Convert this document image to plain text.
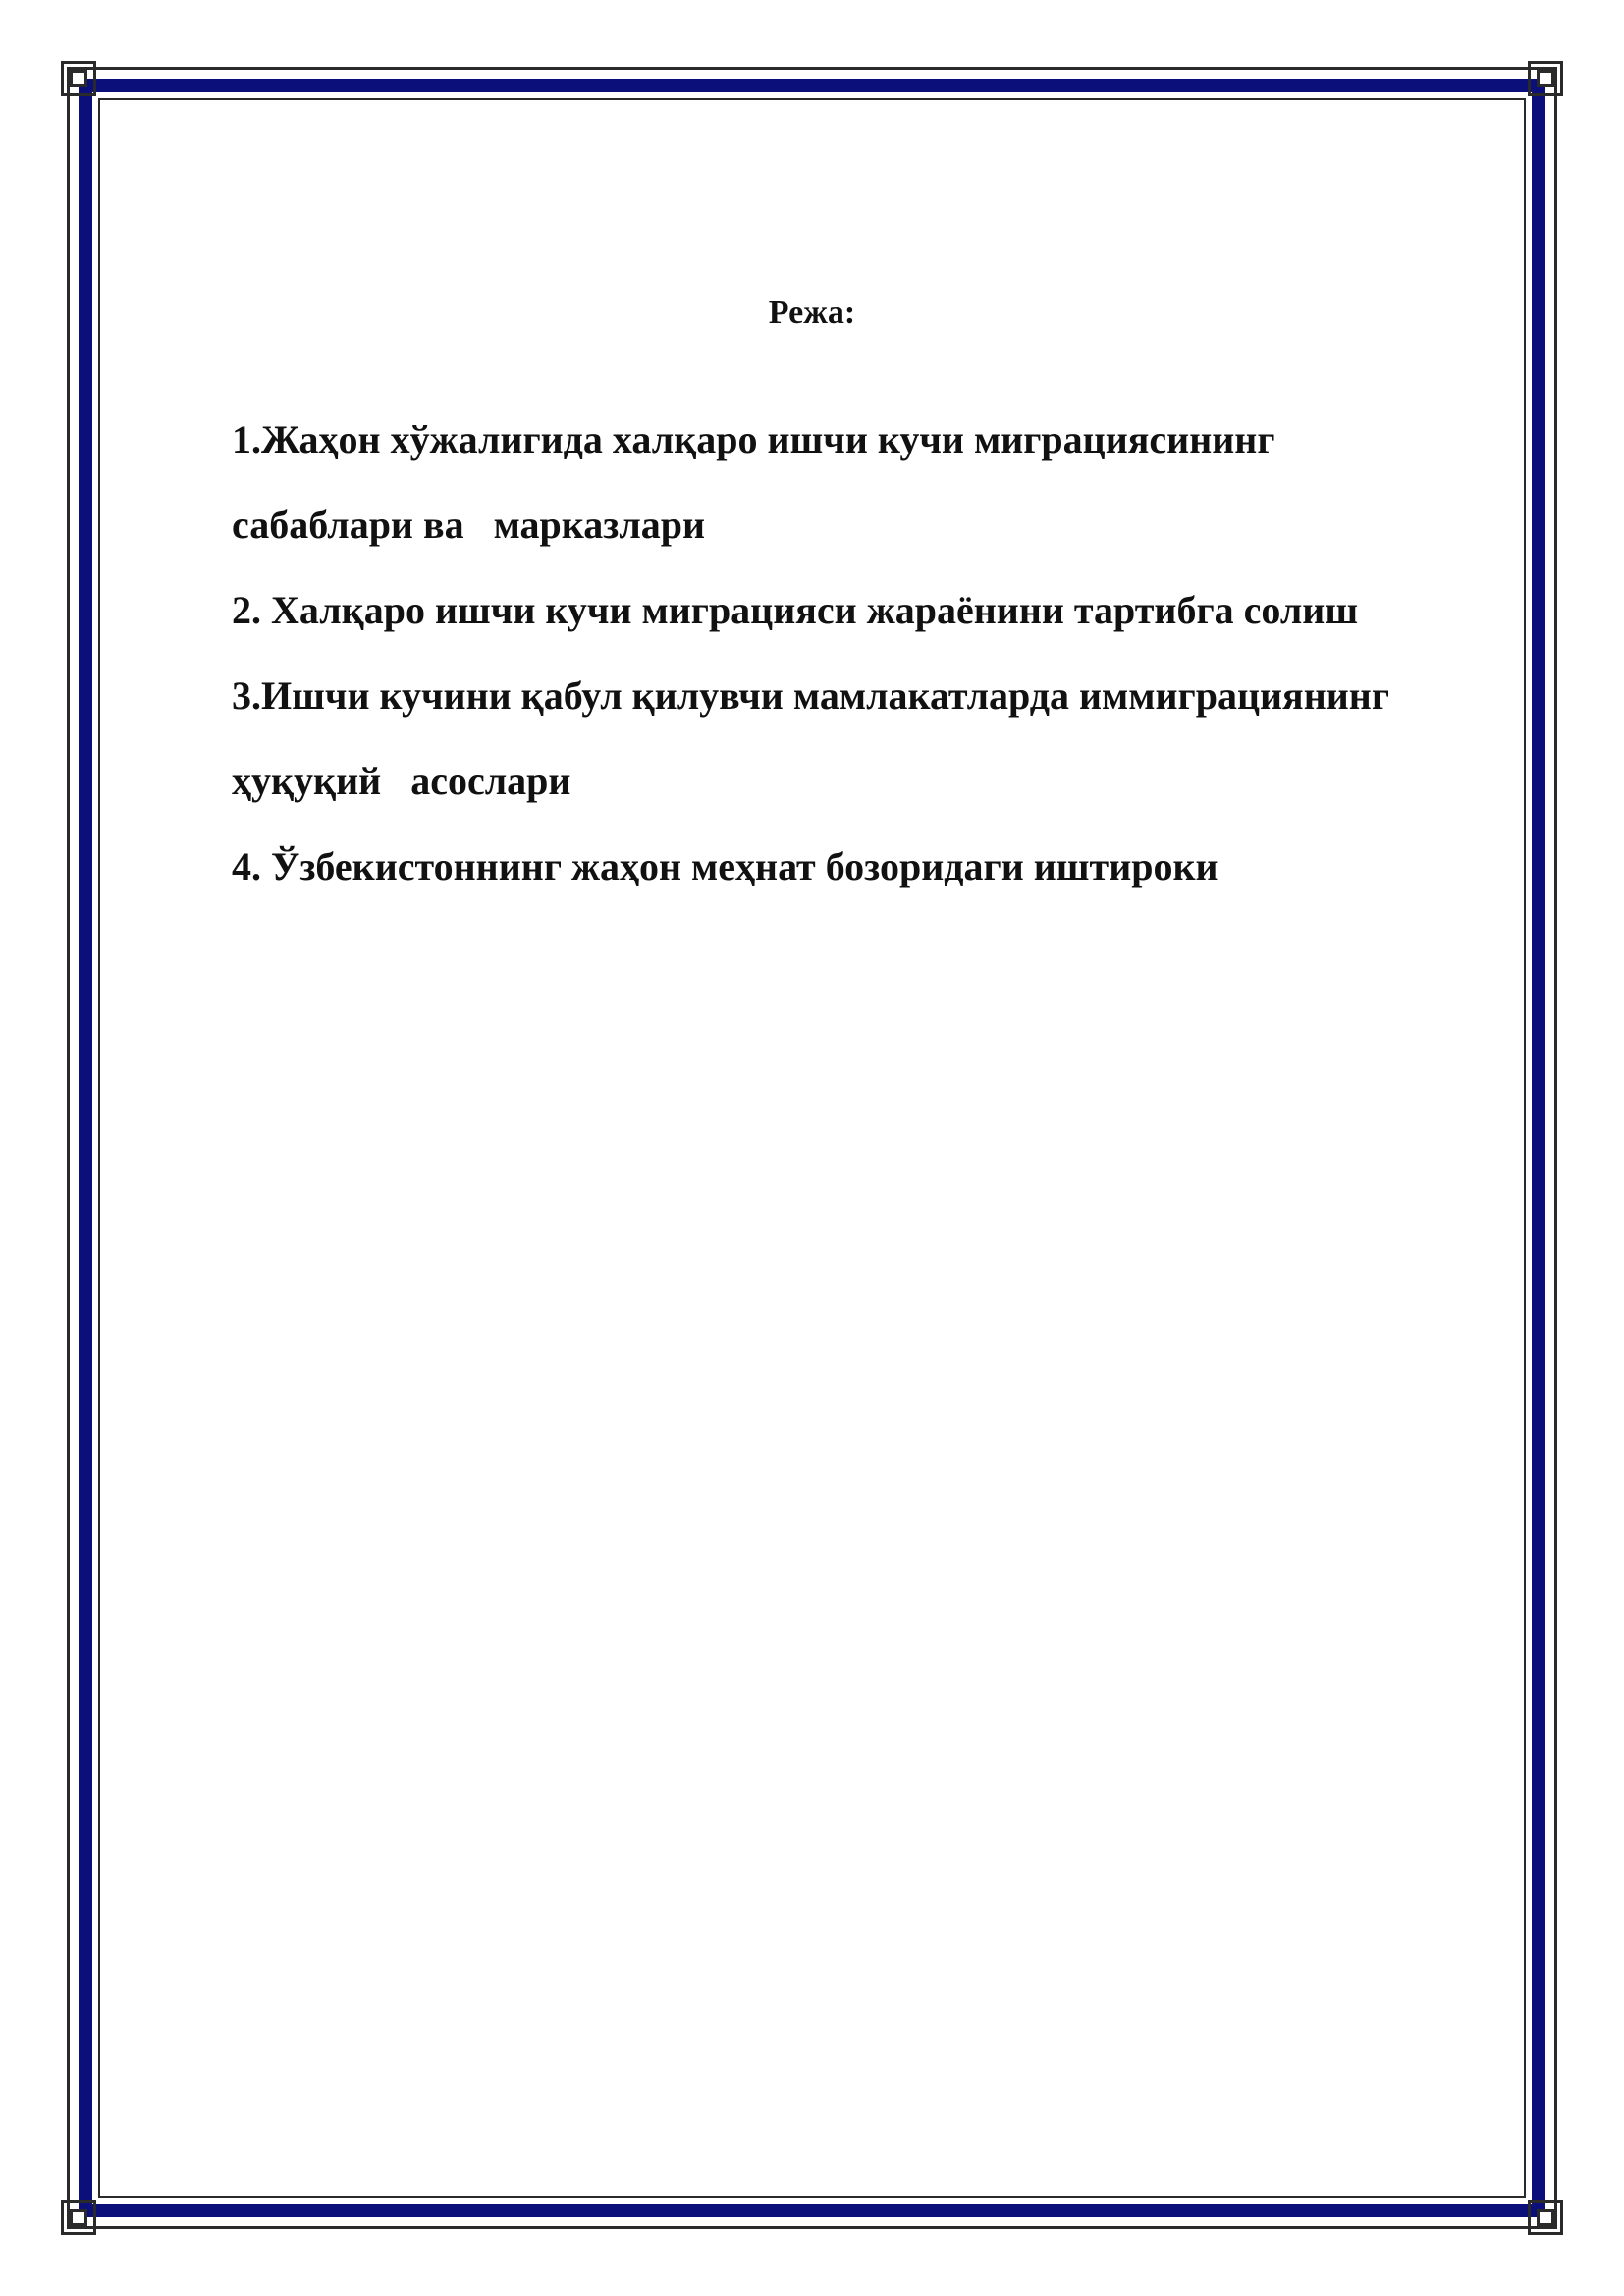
Режа:
1.Жаҳон хўжалигида халқаро ишчи кучи миграциясининг
сабаблари ва   марказлари
2. Халқаро ишчи кучи миграцияси жараёнини тартибга солиш
3.Ишчи кучини қабул қилувчи мамлакатларда иммиграциянинг
ҳуқуқий   асослари
4. Ўзбекистоннинг жаҳон меҳнат бозоридаги иштироки
